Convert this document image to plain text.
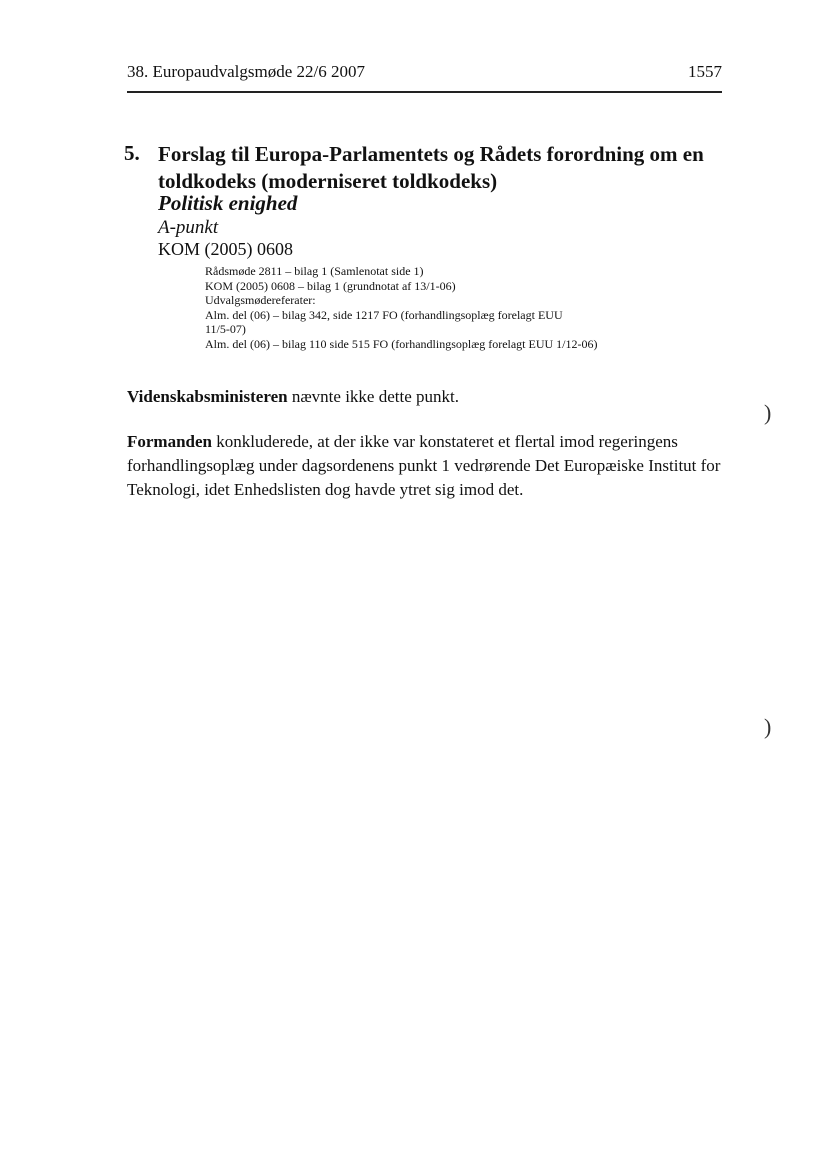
38. Europaudvalgsmøde 22/6 2007	1557
5. Forslag til Europa-Parlamentets og Rådets forordning om en toldkodeks (moderniseret toldkodeks)
Politisk enighed
A-punkt
KOM (2005) 0608
Rådsmøde 2811 – bilag 1 (Samlenotat side 1)
KOM (2005) 0608 – bilag 1 (grundnotat af 13/1-06)
Udvalgsmødereferater:
Alm. del (06) – bilag 342, side 1217 FO (forhandlingsoplæg forelagt EUU
11/5-07)
Alm. del (06) – bilag 110 side 515 FO (forhandlingsoplæg forelagt EUU 1/12-06)

Videnskabsministeren nævnte ikke dette punkt.

Formanden konkluderede, at der ikke var konstateret et flertal imod regeringens forhandlingsoplæg under dagsordenens punkt 1 vedrørende Det Europæiske Institut for Teknologi, idet Enhedslisten dog havde ytret sig imod det.

)
)
